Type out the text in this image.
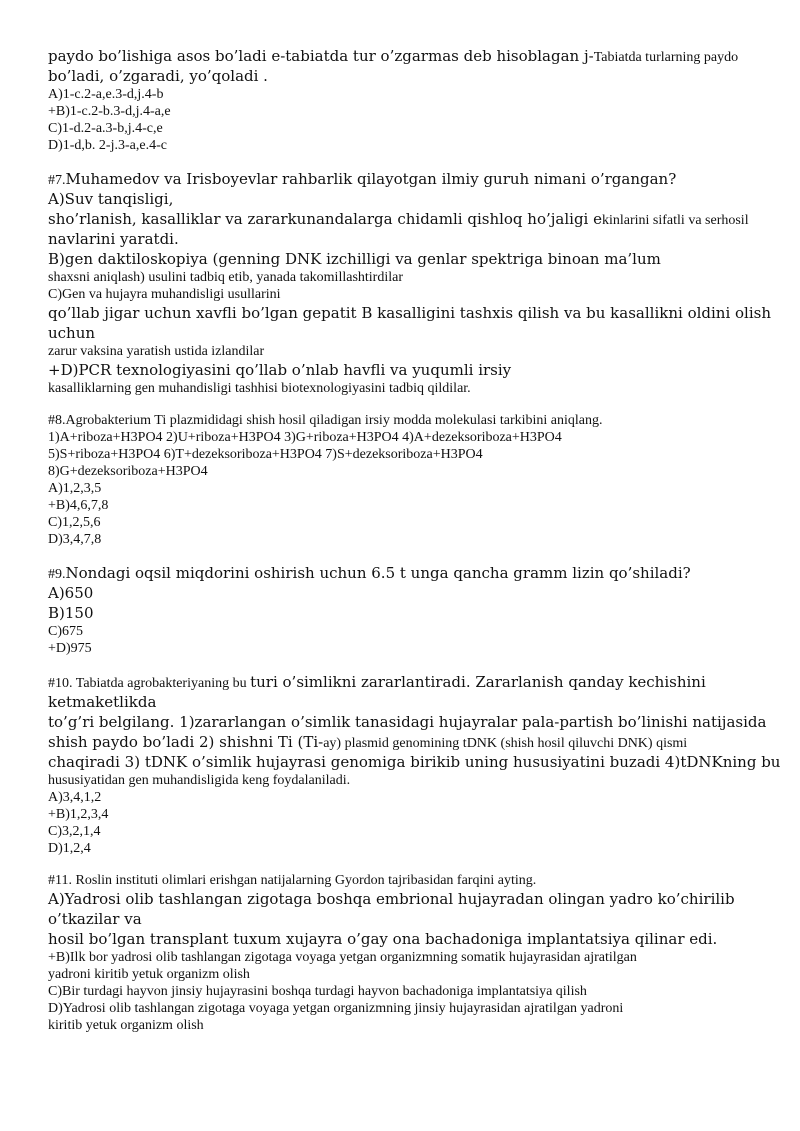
paydo bo’lishiga asos bo’ladi e-tabiatda tur o’zgarmas deb hisoblagan j-Tabiatda turlarning paydo

bo’ladi, o’zgaradi, yo’qoladi .

A)1-c.2-a,e.3-d,j.4-b

+B)1-c.2-b.3-d,j.4-a,e

C)1-d.2-a.3-b,j.4-c,e

D)1-d,b. 2-j.3-a,e.4-c

#7.Muhamedov va Irisboyevlar rahbarlik qilayotgan ilmiy guruh nimani o’rgangan?

A)Suv tanqisligi,

sho’rlanish, kasalliklar va zararkunandalarga chidamli qishloq ho’jaligi ekinlarini sifatli va serhosil

navlarini yaratdi.

B)gen daktiloskopiya (genning DNK izchilligi va genlar spektriga binoan ma’lum

shaxsni aniqlash) usulini tadbiq etib, yanada takomillashtirdilar

C)Gen va hujayra muhandisligi usullarini

qo’llab jigar uchun xavfli bo’lgan gepatit B kasalligini tashxis qilish va bu kasallikni oldini olish

uchun

zarur vaksina yaratish ustida izlandilar

+D)PCR texnologiyasini qo’llab o’nlab havfli va yuqumli irsiy

kasalliklarning gen muhandisligi tashhisi biotexnologiyasini tadbiq qildilar.

#8.Agrobakterium Ti plazmididagi shish hosil qiladigan irsiy modda molekulasi tarkibini aniqlang.

1)A+riboza+H3PO4 2)U+riboza+H3PO4 3)G+riboza+H3PO4 4)A+dezeksoriboza+H3PO4

5)S+riboza+H3PO4 6)T+dezeksoriboza+H3PO4 7)S+dezeksoriboza+H3PO4

8)G+dezeksoriboza+H3PO4

A)1,2,3,5

+B)4,6,7,8

C)1,2,5,6

D)3,4,7,8

#9.Nondagi oqsil miqdorini oshirish uchun 6.5 t unga qancha gramm lizin qo’shiladi?

A)650

B)150

C)675

+D)975

#10. Tabiatda agrobakteriyaning bu turi o’simlikni zararlantiradi. Zararlanish qanday kechishini

ketmaketlikda

to’g’ri belgilang. 1)zararlangan o’simlik tanasidagi hujayralar pala-partish bo’linishi natijasida

shish paydo bo’ladi 2) shishni Ti (Ti-ay) plasmid genomining tDNK (shish hosil qiluvchi DNK) qismi

chaqiradi 3) tDNK o’simlik hujayrasi genomiga birikib uning hususiyatini buzadi 4)tDNKning bu

hususiyatidan gen muhandisligida keng foydalaniladi.

A)3,4,1,2

+B)1,2,3,4

C)3,2,1,4

D)1,2,4

#11. Roslin instituti olimlari erishgan natijalarning Gyordon tajribasidan farqini ayting.

A)Yadrosi olib tashlangan zigotaga boshqa embrional hujayradan olingan yadro ko’chirilib

o’tkazilar va

hosil bo’lgan transplant tuxum xujayra o’gay ona bachadoniga implantatsiya qilinar edi.

+B)Ilk bor yadrosi olib tashlangan zigotaga voyaga yetgan organizmning somatik hujayrasidan ajratilgan

yadroni kiritib yetuk organizm olish

C)Bir turdagi hayvon jinsiy hujayrasini boshqa turdagi hayvon bachadoniga implantatsiya qilish

D)Yadrosi olib tashlangan zigotaga voyaga yetgan organizmning jinsiy hujayrasidan ajratilgan yadroni

kiritib yetuk organizm olish
